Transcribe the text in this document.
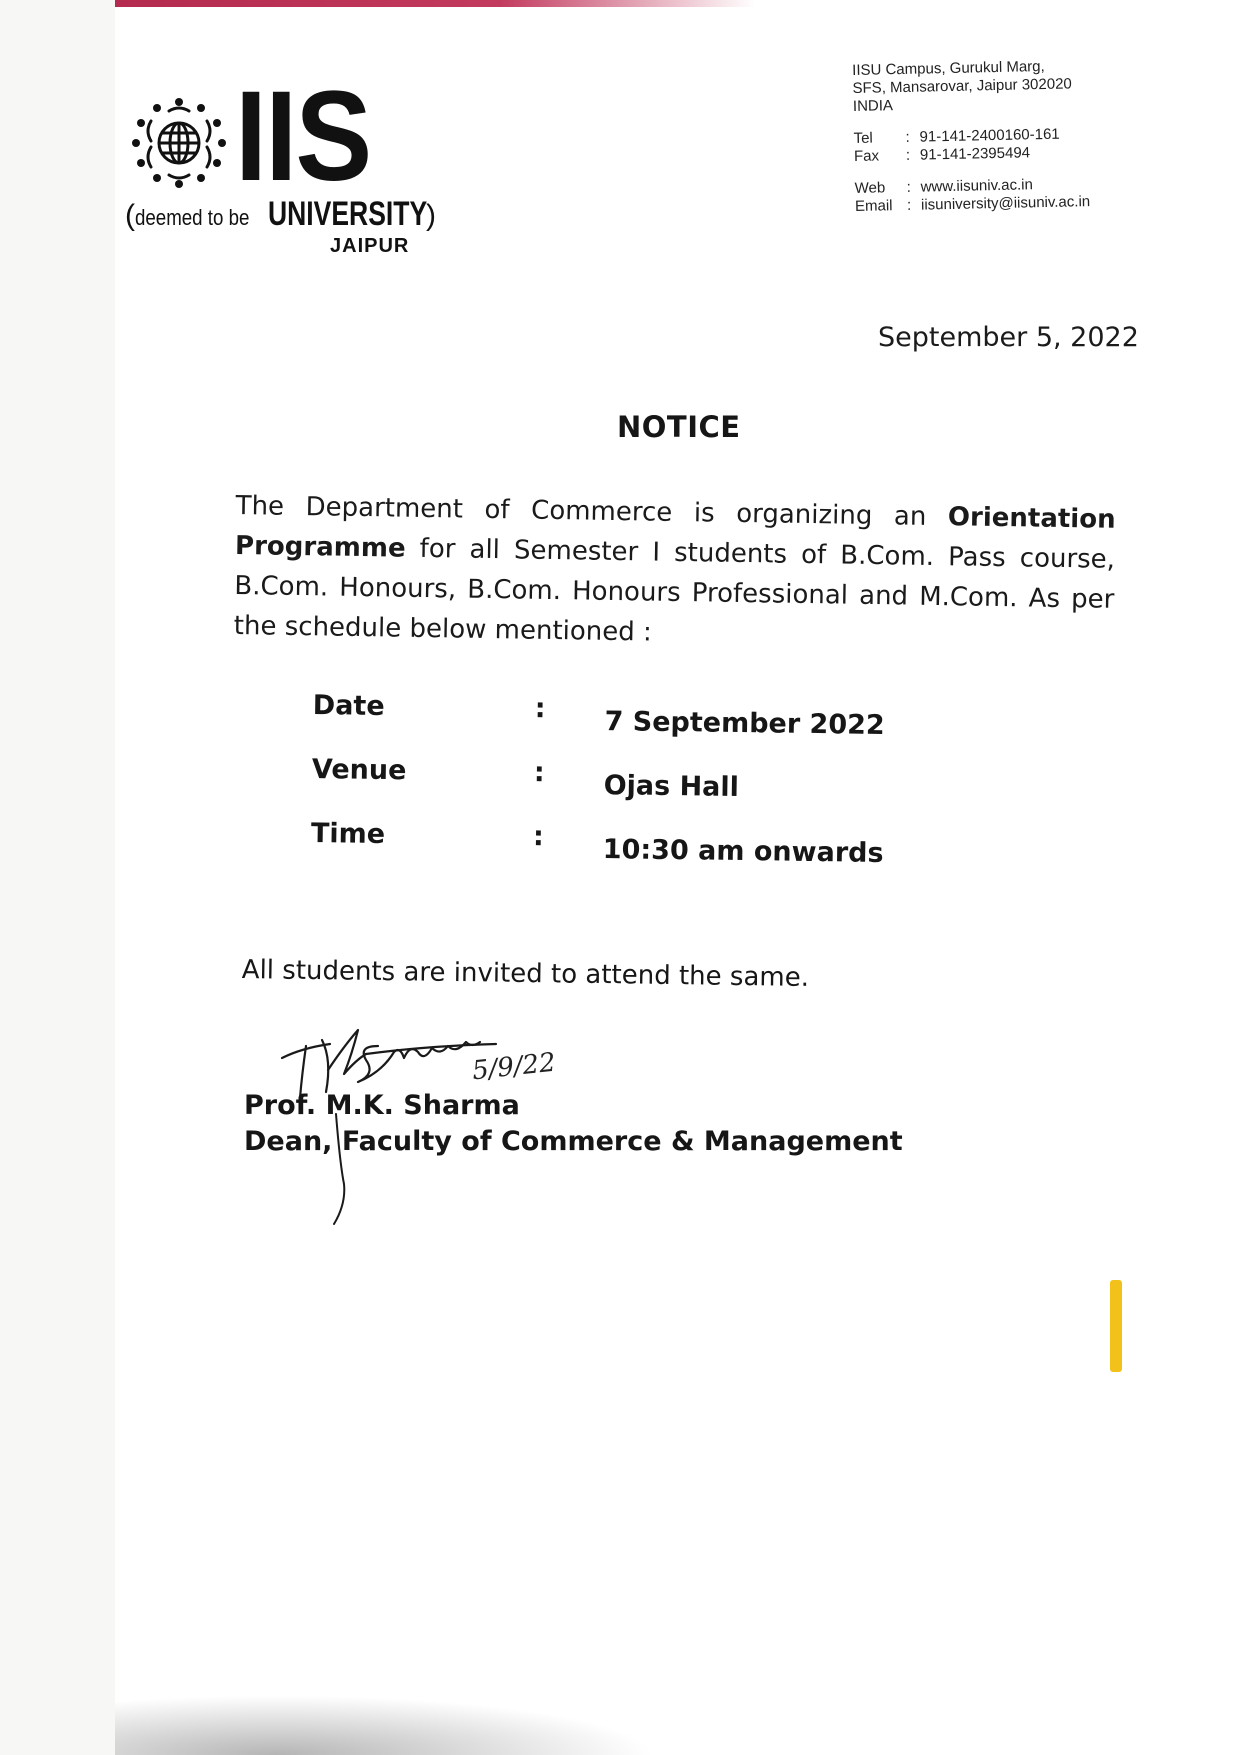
IIS
(deemed to be UNIVERSITY)
JAIPUR
IISU Campus, Gurukul Marg,
SFS, Mansarovar, Jaipur 302020
INDIA
Tel	: 91-141-2400160-161
Fax	: 91-141-2395494
Web	: www.iisuniv.ac.in
Email : iisuniversity@iisuniv.ac.in
September 5, 2022
NOTICE
The Department of Commerce is organizing an Orientation Programme for all Semester I students of B.Com. Pass course, B.Com. Honours, B.Com. Honours Professional and M.Com. As per the schedule below mentioned :
Date	: 7 September 2022
Venue	: Ojas Hall
Time	: 10:30 am onwards
All students are invited to attend the same.
5/9/22
Prof. M.K. Sharma
Dean, Faculty of Commerce & Management
